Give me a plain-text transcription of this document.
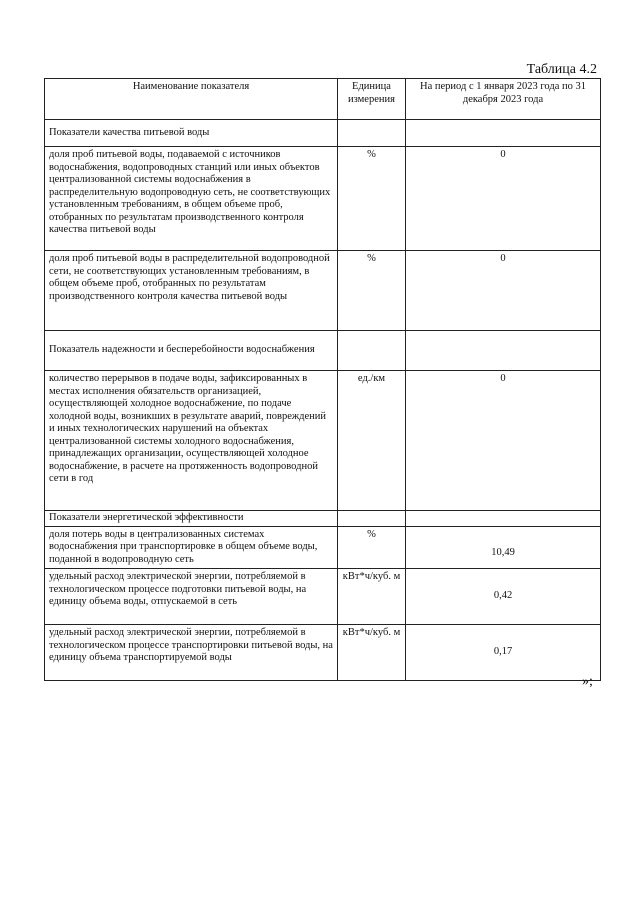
Таблица 4.2
Наименование показателя	Единица измерения	На период с 1 января 2023 года по 31 декабря 2023 года
Показатели качества питьевой воды		
доля проб питьевой воды, подаваемой с источников водоснабжения, водопроводных станций или иных объектов централизованной системы водоснабжения в распределительную водопроводную сеть, не соответствующих установленным требованиям, в общем объеме проб, отобранных по результатам производственного контроля качества питьевой воды	%	0
доля проб питьевой воды в распределительной водопроводной сети, не соответствующих установленным требованиям, в общем объеме проб, отобранных по результатам производственного контроля качества питьевой воды	%	0
Показатель надежности и бесперебойности водоснабжения		
количество перерывов в подаче воды, зафиксированных в местах исполнения обязательств организацией, осуществляющей холодное водоснабжение, по подаче холодной воды, возникших в результате аварий, повреждений и иных технологических нарушений на объектах централизованной системы холодного водоснабжения, принадлежащих организации, осуществляющей холодное водоснабжение, в расчете на протяженность водопроводной сети в год	ед./км	0
Показатели энергетической эффективности		
доля потерь воды в централизованных системах водоснабжения при транспортировке в общем объеме воды, поданной в водопроводную сеть	%	10,49
удельный расход электрической энергии, потребляемой в технологическом процессе подготовки питьевой воды, на единицу объема воды, отпускаемой в сеть	кВт*ч/куб. м	0,42
удельный расход электрической энергии, потребляемой в технологическом процессе транспортировки питьевой воды, на единицу объема транспортируемой воды	кВт*ч/куб. м	0,17
»;
